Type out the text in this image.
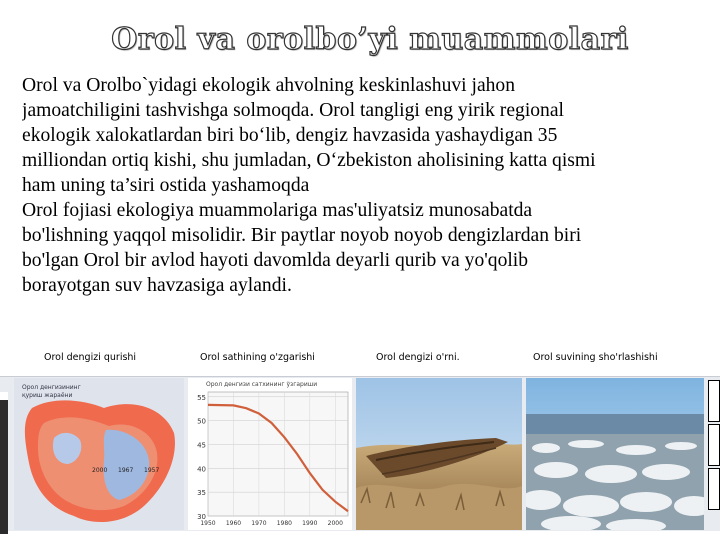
Orol va orolbo’yi muammolari
Orol va Orolbo`yidagi ekologik ahvolning keskinlashuvi jahon
jamoatchiligini tashvishga solmoqda. Orol tangligi eng yirik regional
ekologik xalokatlardan biri bo‘lib, dengiz havzasida yashaydigan 35
milliondan ortiq kishi, shu jumladan, O‘zbekiston aholisining katta qismi
ham uning ta’siri ostida yashamoqda
Orol fojiasi ekologiya muammolariga mas'uliyatsiz munosabatda
bo'lishning yaqqol misolidir. Bir paytlar noyob noyob dengizlardan biri
bo'lgan Orol bir avlod hayoti davomlda deyarli qurib va yo'qolib
borayotgan suv havzasiga aylandi.
Orol dengizi qurishi	Orol sathining o'zgarishi	Orol dengizi o'rni.	Orol suvining sho'rlashishi
Орол денгизининг
қуриш жараёни
2000 1967 1957
Орол денгизи сатхининг ўзгариши
30
35
40
45
50
55
1950 1960 1970 1980 1990 2000
